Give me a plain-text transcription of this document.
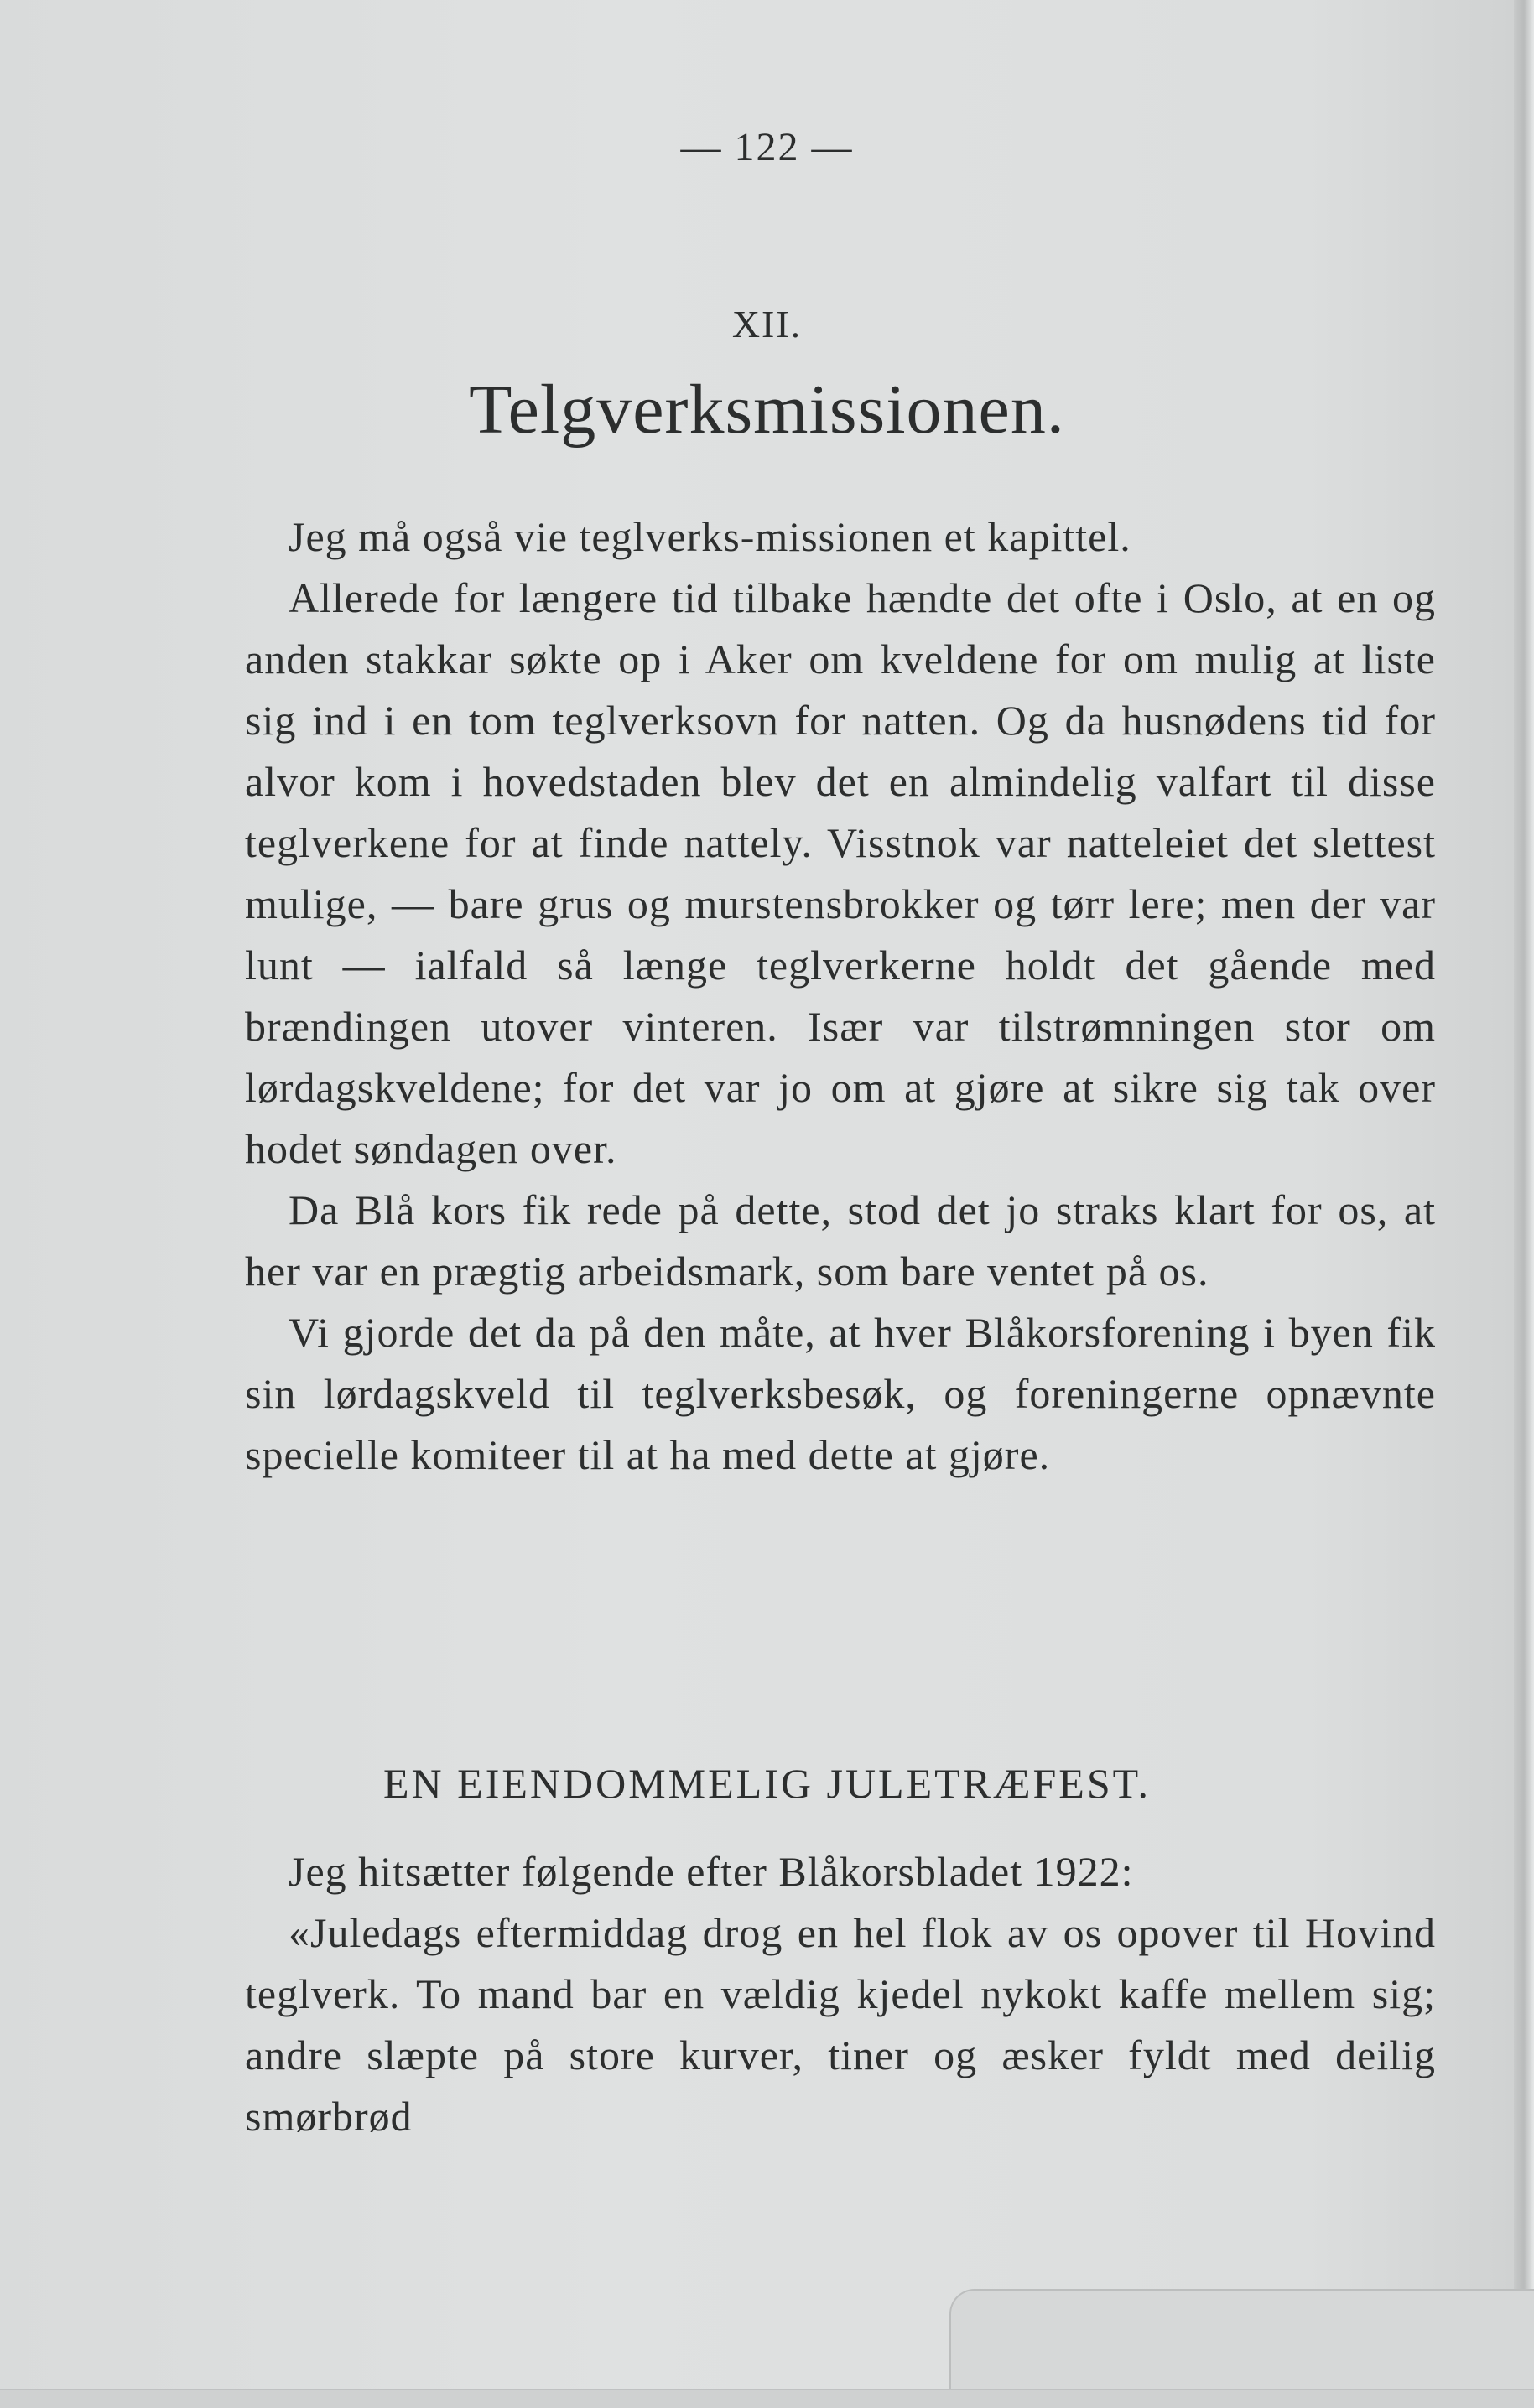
— 122 —
XII.
Telgverksmissionen.

Jeg må også vie teglverks-missionen et kapittel.

Allerede for længere tid tilbake hændte det ofte i Oslo, at en og anden stakkar søkte op i Aker om kveldene for om mulig at liste sig ind i en tom teglverksovn for natten. Og da husnødens tid for alvor kom i hovedstaden blev det en almindelig valfart til disse teglverkene for at finde nattely. Visstnok var natteleiet det slettest mulige, — bare grus og murstensbrokker og tørr lere; men der var lunt — ialfald så længe teglverkerne holdt det gående med brændingen utover vinteren. Især var tilstrømningen stor om lørdagskveldene; for det var jo om at gjøre at sikre sig tak over hodet søndagen over.

Da Blå kors fik rede på dette, stod det jo straks klart for os, at her var en prægtig arbeidsmark, som bare ventet på os.

Vi gjorde det da på den måte, at hver Blåkorsforening i byen fik sin lørdagskveld til teglverksbesøk, og foreningerne opnævnte specielle komiteer til at ha med dette at gjøre.

EN EIENDOMMELIG JULETRÆFEST.

Jeg hitsætter følgende efter Blåkorsbladet 1922:

«Juledags eftermiddag drog en hel flok av os opover til Hovind teglverk. To mand bar en vældig kjedel nykokt kaffe mellem sig; andre slæpte på store kurver, tiner og æsker fyldt med deilig smørbrød
